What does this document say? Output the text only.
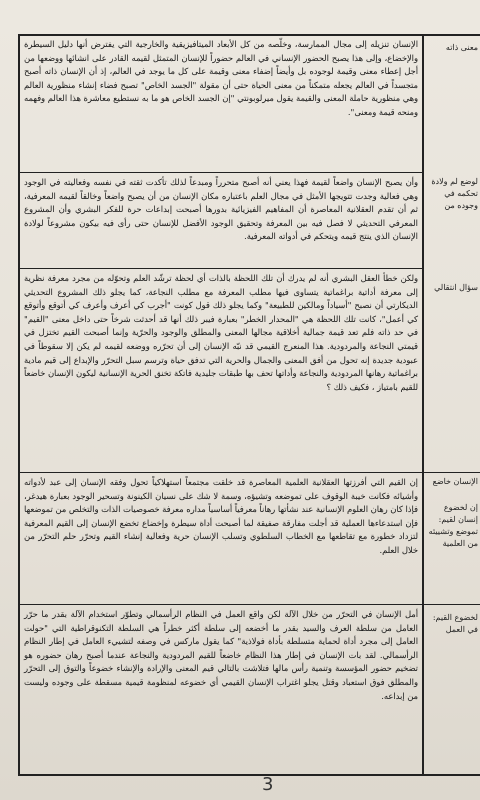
الإنسان تنزيله إلى مجال الممارسة، وخلّصه من كل الأبعاد الميتافيزيقية والخارجية التي يفترض أنها دليل السيطرة والإخضاع، وإلى هذا يصبح الحضور الإنساني في العالم حضوراً للإنسان المتمثل لقيمه القادر على انشائها ووضعها من أجل إعطاء معنى وقيمة لوجوده بل وأيضاً إضفاء معنى وقيمة على كل ما يوجد في العالم، إذ أن الإنسان ذاته أصبح متجسداً في العالم يجعله متمكناً من معنى الحياة حتى أن مقولة "الجسد الخاص" تصبح فضاء إنشاء منظورية العالم وهي منظورية حاملة المعنى والقيمة يقول ميرلوبونتي "إن الجسد الخاص هو ما به نستطيع معاشرة هذا العالم وفهمه ومنحه قيمة ومعنى".

وأن يصبح الإنسان واضعاً لقيمة فهذا يعني أنه أصبح متحرراً ومبدعاً لذلك تأكدت ثقته في نفسه وفعاليته في الوجود وهي فعالية وجدت تتويجها الأمثل في مجال العلم باعتباره مكان الإنسان من أن يصبح واضعاً وخالقاً لقيمه المعرفية، ثم أن تقدم العقلانية المعاصرة أن المفاهيم الفيزيائية بدورها أصبحت إبداعات حرة للفكر البشري وأن المشروع المعرفي التحديثي لا فصل فيه بين المعرفة وتحقيق الوجود الأفضل للإنسان حتى رأى فيه بيكون مشروعاً لولادة الإنسان الذي ينتج قيمه ويتحكم في أدواته المعرفية.

ولكن خطأ العقل البشري أنه لم يدرك أن تلك اللحظة بالذات أي لحظة ترشّد العلم وتحوّله من مجرد معرفة نظرية إلى معرفة أداتية براغماتية يتساوى فيها مطلب المعرفة مع مطلب النجاعة، كما يجلو ذلك المشروع التحديثي الديكارتي أن نصبح "أسياداً ومالكين للطبيعة" وكما يجلو ذلك قول كونت "أجرب كي أعرف وأعرف كي أتوقع وأتوقع كي أعمل"، كانت تلك اللحظة هي "المحدار الخطر" بعبارة فيبر ذلك أنها قد أحدثت شرخاً حتى داخل معنى "القيم" في حد ذاته فلم تعد قيمة جمالية أخلاقية مجالها المعنى والمطلق والوجود والحرّية وإنما أصبحت القيم تختزل في قيمتي النجاعة والمردودية. هذا المنعرج القيمي قد نبّه الإنسان إلى أن تحرّره ووضعه لقيمه لم يكن إلا سقوطاً في عبودية جديدة إنه تحول من أفق المعنى والجمال والحرية التي تدفق حياة وترسم سبل التحرّر والإبداع إلى قيم مادية براغماتية رهانها المردودية والنجاعة وأداتها تحف بها طبقات جليدية فاتكة تخنق الحرية الإنسانية ليكون الإنسان خاضعاً للقيم بامتياز ، فكيف ذلك ؟

إن القيم التي أفرزتها العقلانية العلمية المعاصرة قد خلقت مجتمعاً استهلاكياً تحول وفقه الإنسان إلى عبد لأدواته وأشيائه فكانت خيبة الوقوف على تموضعه وتشيؤه، وسمة لا شك على نسيان الكينونة وتسحير الوجود بعبارة هيدغر، فإذا كان رهان العلوم الإنسانية عند نشأتها رهاناً معرفياً أساسياً مداره معرفة خصوصيات الذات والتخلص من تموضعها فإن استدعاءها العملية قد أجلت مفارقة صفيقة لما أصبحت أداة سيطرة وإخضاع تخضع الإنسان إلى القيم المعرفية لتزداد خطورة مع تقاطعها مع الخطاب السلطوي وتسلب الإنسان حرية وفعالية إنشاء القيم وتحرّر حلم التحرّر من خلال العلم.

أمل الإنسان في التحرّر من خلال الآلة لكن واقع العمل في النظام الرأسمالي وتطوّر استخدام الآلة بقدر ما حرّر العامل من سلطة العرف والسيد بقدر ما أخضعه إلى سلطة أكثر خطراً هي السلطة التكنوقراطية التي "حولت العامل إلى مجرد أداة لحماية متسلطة بأداة فولاذية" كما يقول ماركس في وصفه لتشييء العامل في إطار النظام الرأسمالي. لقد بات الإنسان في إطار هذا النظام خاضعاً للقيم المردودية والنجاعة عندما أصبح رهان حضوره هو تضخيم حضور المؤسسة وتنمية رأس مالها فتلاشت بالتالي قيم المعنى والإرادة والإنشاء خضوعاً والتوق إلى التحرّر والمطلق فوق استعباد وقتل يجلو اغتراب الإنسان القيمي أي خضوعه لمنظومة قيمية مسقطة على وجوده وليست من إبداعه.

معنى ذاته
لوضع لم ولادة تحكمه في وجوده من
سؤال انتقالي
الإنسان خاضع
إن لخضوع إنسان لقيم: تموضع وتشييئه من العلمية
لخضوع القيم: في العمل
3
